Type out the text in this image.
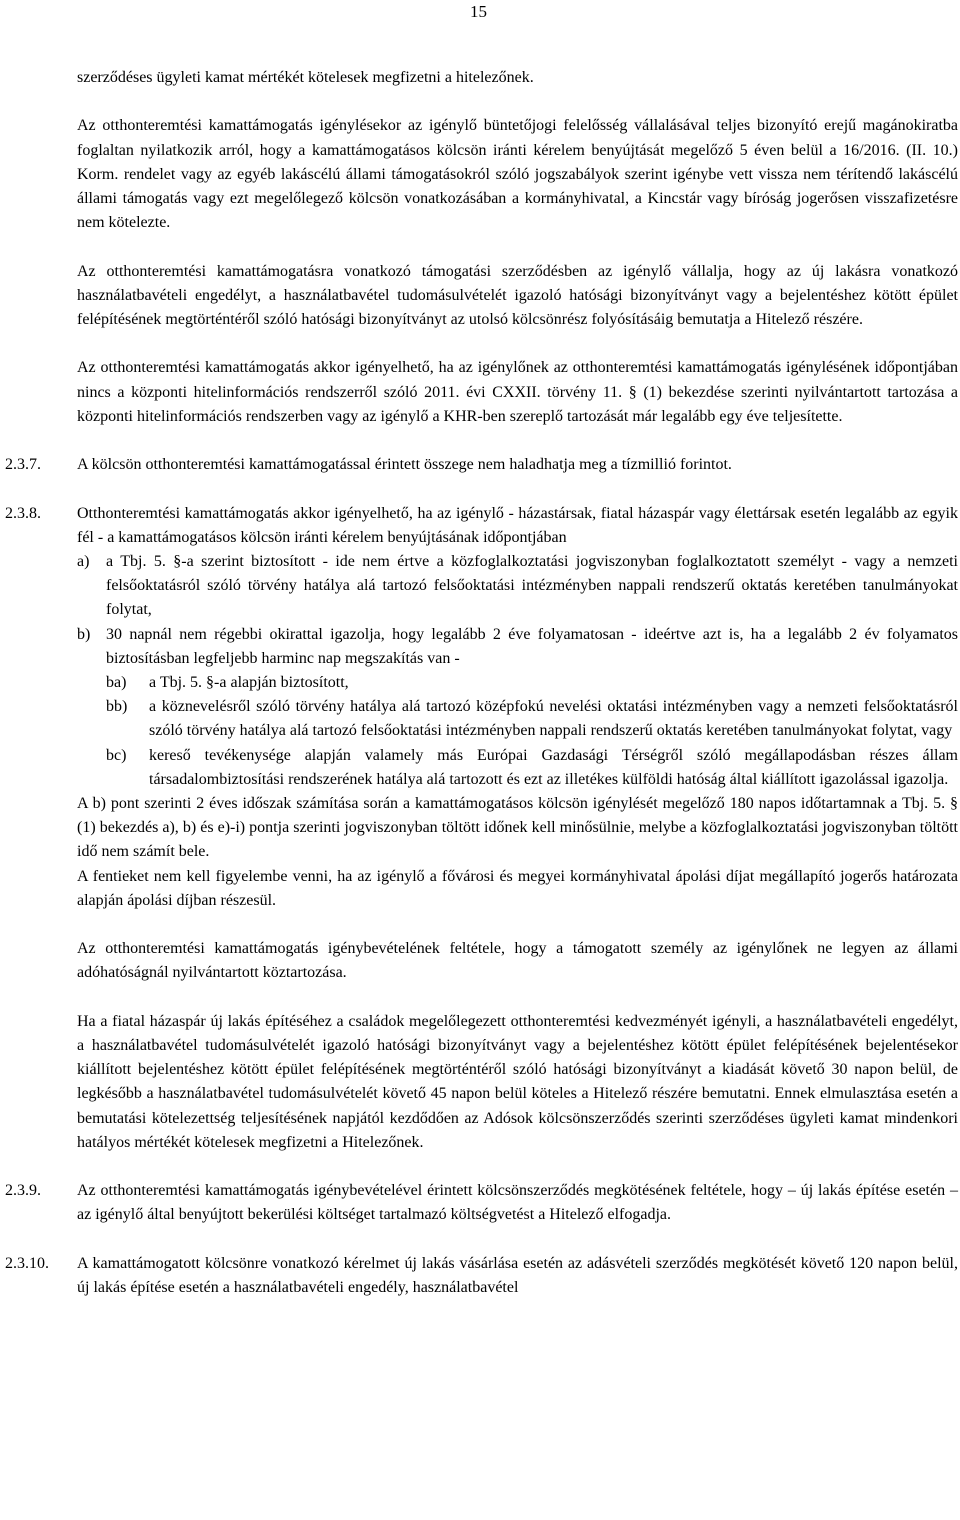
15

szerződéses ügyleti kamat mértékét kötelesek megfizetni a hitelezőnek.

Az otthonteremtési kamattámogatás igénylésekor az igénylő büntetőjogi felelősség vállalásával teljes bizonyító erejű magánokiratba foglaltan nyilatkozik arról, hogy a kamattámogatásos kölcsön iránti kérelem benyújtását megelőző 5 éven belül a 16/2016. (II. 10.) Korm. rendelet vagy az egyéb lakáscélú állami támogatásokról szóló jogszabályok szerint igénybe vett vissza nem térítendő lakáscélú állami támogatás vagy ezt megelőlegező kölcsön vonatkozásában a kormányhivatal, a Kincstár vagy bíróság jogerősen visszafizetésre nem kötelezte.

Az otthonteremtési kamattámogatásra vonatkozó támogatási szerződésben az igénylő vállalja, hogy az új lakásra vonatkozó használatbavételi engedélyt, a használatbavétel tudomásulvételét igazoló hatósági bizonyítványt vagy a bejelentéshez kötött épület felépítésének megtörténtéről szóló hatósági bizonyítványt az utolsó kölcsönrész folyósításáig bemutatja a Hitelező részére.

Az otthonteremtési kamattámogatás akkor igényelhető, ha az igénylőnek az otthonteremtési kamattámogatás igénylésének időpontjában nincs a központi hitelinformációs rendszerről szóló 2011. évi CXXII. törvény 11. § (1) bekezdése szerinti nyilvántartott tartozása a központi hitelinformációs rendszerben vagy az igénylő a KHR-ben szereplő tartozását már legalább egy éve teljesítette.

2.3.7. A kölcsön otthonteremtési kamattámogatással érintett összege nem haladhatja meg a tízmillió forintot.

2.3.8. Otthonteremtési kamattámogatás akkor igényelhető, ha az igénylő - házastársak, fiatal házaspár vagy élettársak esetén legalább az egyik fél - a kamattámogatásos kölcsön iránti kérelem benyújtásának időpontjában

a) a Tbj. 5. §-a szerint biztosított - ide nem értve a közfoglalkoztatási jogviszonyban foglalkoztatott személyt - vagy a nemzeti felsőoktatásról szóló törvény hatálya alá tartozó felsőoktatási intézményben nappali rendszerű oktatás keretében tanulmányokat folytat,
b) 30 napnál nem régebbi okirattal igazolja, hogy legalább 2 éve folyamatosan - ideértve azt is, ha a legalább 2 év folyamatos biztosításban legfeljebb harminc nap megszakítás van -
ba) a Tbj. 5. §-a alapján biztosított,
bb) a köznevelésről szóló törvény hatálya alá tartozó középfokú nevelési oktatási intézményben vagy a nemzeti felsőoktatásról szóló törvény hatálya alá tartozó felsőoktatási intézményben nappali rendszerű oktatás keretében tanulmányokat folytat, vagy
bc) kereső tevékenysége alapján valamely más Európai Gazdasági Térségről szóló megállapodásban részes állam társadalombiztosítási rendszerének hatálya alá tartozott és ezt az illetékes külföldi hatóság által kiállított igazolással igazolja.

A b) pont szerinti 2 éves időszak számítása során a kamattámogatásos kölcsön igénylését megelőző 180 napos időtartamnak a Tbj. 5. § (1) bekezdés a), b) és e)-i) pontja szerinti jogviszonyban töltött időnek kell minősülnie, melybe a közfoglalkoztatási jogviszonyban töltött idő nem számít bele.

A fentieket nem kell figyelembe venni, ha az igénylő a fővárosi és megyei kormányhivatal ápolási díjat megállapító jogerős határozata alapján ápolási díjban részesül.

Az otthonteremtési kamattámogatás igénybevételének feltétele, hogy a támogatott személy az igénylőnek ne legyen az állami adóhatóságnál nyilvántartott köztartozása.

Ha a fiatal házaspár új lakás építéséhez a családok megelőlegezett otthonteremtési kedvezményét igényli, a használatbavételi engedélyt, a használatbavétel tudomásulvételét igazoló hatósági bizonyítványt vagy a bejelentéshez kötött épület felépítésének bejelentésekor kiállított bejelentéshez kötött épület felépítésének megtörténtéről szóló hatósági bizonyítványt a kiadását követő 30 napon belül, de legkésőbb a használatbavétel tudomásulvételét követő 45 napon belül köteles a Hitelező részére bemutatni. Ennek elmulasztása esetén a bemutatási kötelezettség teljesítésének napjától kezdődően az Adósok kölcsönszerződés szerinti szerződéses ügyleti kamat mindenkori hatályos mértékét kötelesek megfizetni a Hitelezőnek.

2.3.9. Az otthonteremtési kamattámogatás igénybevételével érintett kölcsönszerződés megkötésének feltétele, hogy – új lakás építése esetén – az igénylő által benyújtott bekerülési költséget tartalmazó költségvetést a Hitelező elfogadja.

2.3.10. A kamattámogatott kölcsönre vonatkozó kérelmet új lakás vásárlása esetén az adásvételi szerződés megkötését követő 120 napon belül, új lakás építése esetén a használatbavételi engedély, használatbavétel
